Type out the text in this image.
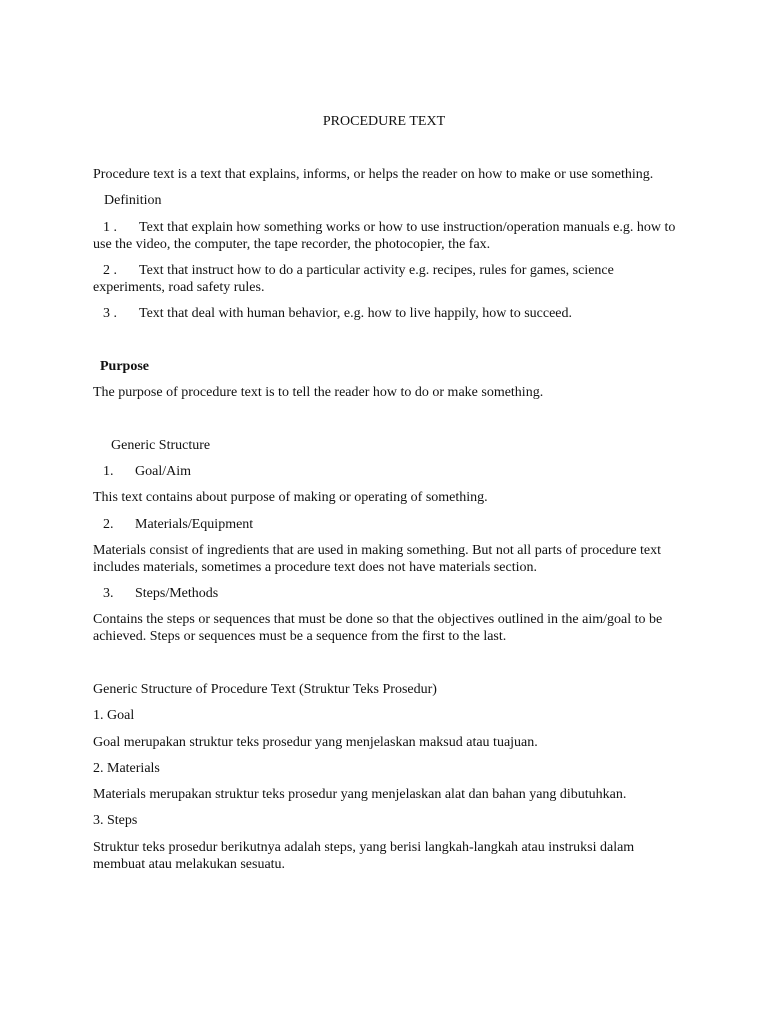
PROCEDURE TEXT
Procedure text is a text that explains, informs, or helps the reader on how to make or use something.
Definition
1 . Text that explain how something works or how to use instruction/operation manuals e.g. how to use the video, the computer, the tape recorder, the photocopier, the fax.
2 . Text that instruct how to do a particular activity e.g. recipes, rules for games, science experiments, road safety rules.
3 . Text that deal with human behavior, e.g. how to live happily, how to succeed.
Purpose
The purpose of procedure text is to tell the reader how to do or make something.
Generic Structure
1. Goal/Aim
This text contains about purpose of making or operating of something.
2. Materials/Equipment
Materials consist of ingredients that are used in making something. But not all parts of procedure text includes materials, sometimes a procedure text does not have materials section.
3. Steps/Methods
Contains the steps or sequences that must be done so that the objectives outlined in the aim/goal to be achieved. Steps or sequences must be a sequence from the first to the last.
Generic Structure of Procedure Text (Struktur Teks Prosedur)
1. Goal
Goal merupakan struktur teks prosedur yang menjelaskan maksud atau tuajuan.
2. Materials
Materials merupakan struktur teks prosedur yang menjelaskan alat dan bahan yang dibutuhkan.
3. Steps
Struktur teks prosedur berikutnya adalah steps, yang berisi langkah-langkah atau instruksi dalam membuat atau melakukan sesuatu.
